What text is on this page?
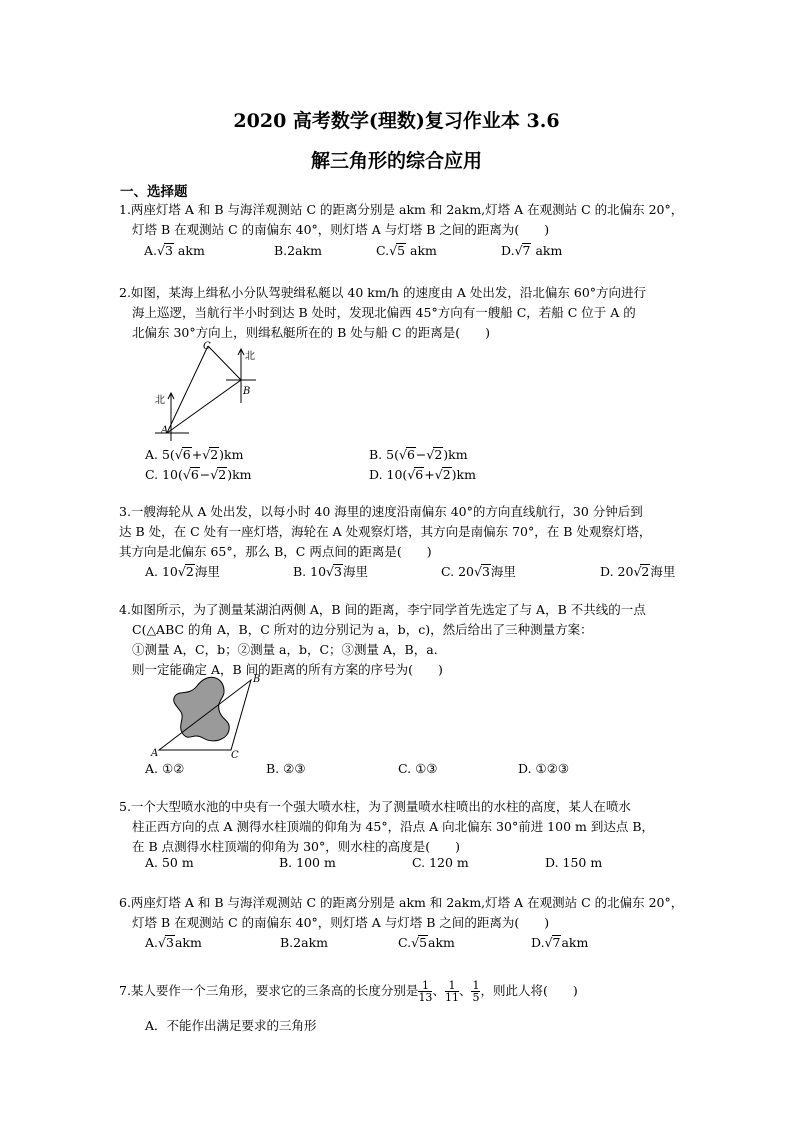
2020 高考数学(理数)复习作业本 3.6
解三角形的综合应用
一、选择题
1.两座灯塔 A 和 B 与海洋观测站 C 的距离分别是 akm 和 2akm,灯塔 A 在观测站 C 的北偏东 20°，
灯塔 B 在观测站 C 的南偏东 40°，则灯塔 A 与灯塔 B 之间的距离为(　　)
A.√3 akm	B.2akm	C.√5 akm	D.√7 akm
2.如图，某海上缉私小分队驾驶缉私艇以 40 km/h 的速度由 A 处出发，沿北偏东 60°方向进行
海上巡逻，当航行半小时到达 B 处时，发现北偏西 45°方向有一艘船 C，若船 C 位于 A 的
北偏东 30°方向上，则缉私艇所在的 B 处与船 C 的距离是(　　)
C
北
B
北
A
A. 5(√6+√2)km	B. 5(√6−√2)km
C. 10(√6−√2)km	D. 10(√6+√2)km
3.一艘海轮从 A 处出发，以每小时 40 海里的速度沿南偏东 40°的方向直线航行，30 分钟后到
达 B 处，在 C 处有一座灯塔，海轮在 A 处观察灯塔，其方向是南偏东 70°，在 B 处观察灯塔，
其方向是北偏东 65°，那么 B，C 两点间的距离是(　　)
A. 10√2海里	B. 10√3海里	C. 20√3海里	D. 20√2海里
4.如图所示，为了测量某湖泊两侧 A，B 间的距离，李宁同学首先选定了与 A，B 不共线的一点
C(△ABC 的角 A，B，C 所对的边分别记为 a，b，c)，然后给出了三种测量方案：
①测量 A，C，b；②测量 a，b，C；③测量 A，B，a.
则一定能确定 A，B 间的距离的所有方案的序号为(　　)
B
A	C
A. ①②	B. ②③	C. ①③	D. ①②③
5.一个大型喷水池的中央有一个强大喷水柱，为了测量喷水柱喷出的水柱的高度，某人在喷水
柱正西方向的点 A 测得水柱顶端的仰角为 45°，沿点 A 向北偏东 30°前进 100 m 到达点 B，
在 B 点测得水柱顶端的仰角为 30°，则水柱的高度是(　　)
A. 50 m	B. 100 m	C. 120 m	D. 150 m
6.两座灯塔 A 和 B 与海洋观测站 C 的距离分别是 akm 和 2akm,灯塔 A 在观测站 C 的北偏东 20°，
灯塔 B 在观测站 C 的南偏东 40°，则灯塔 A 与灯塔 B 之间的距离为(　　)
A.√3akm	B.2akm	C.√5akm	D.√7akm
7.某人要作一个三角形，要求它的三条高的长度分别是 $\frac{1}{13}$ 、 $\frac{1}{11}$ 、 $\frac{1}{5}$ ，则此人将(　　)
A．不能作出满足要求的三角形
